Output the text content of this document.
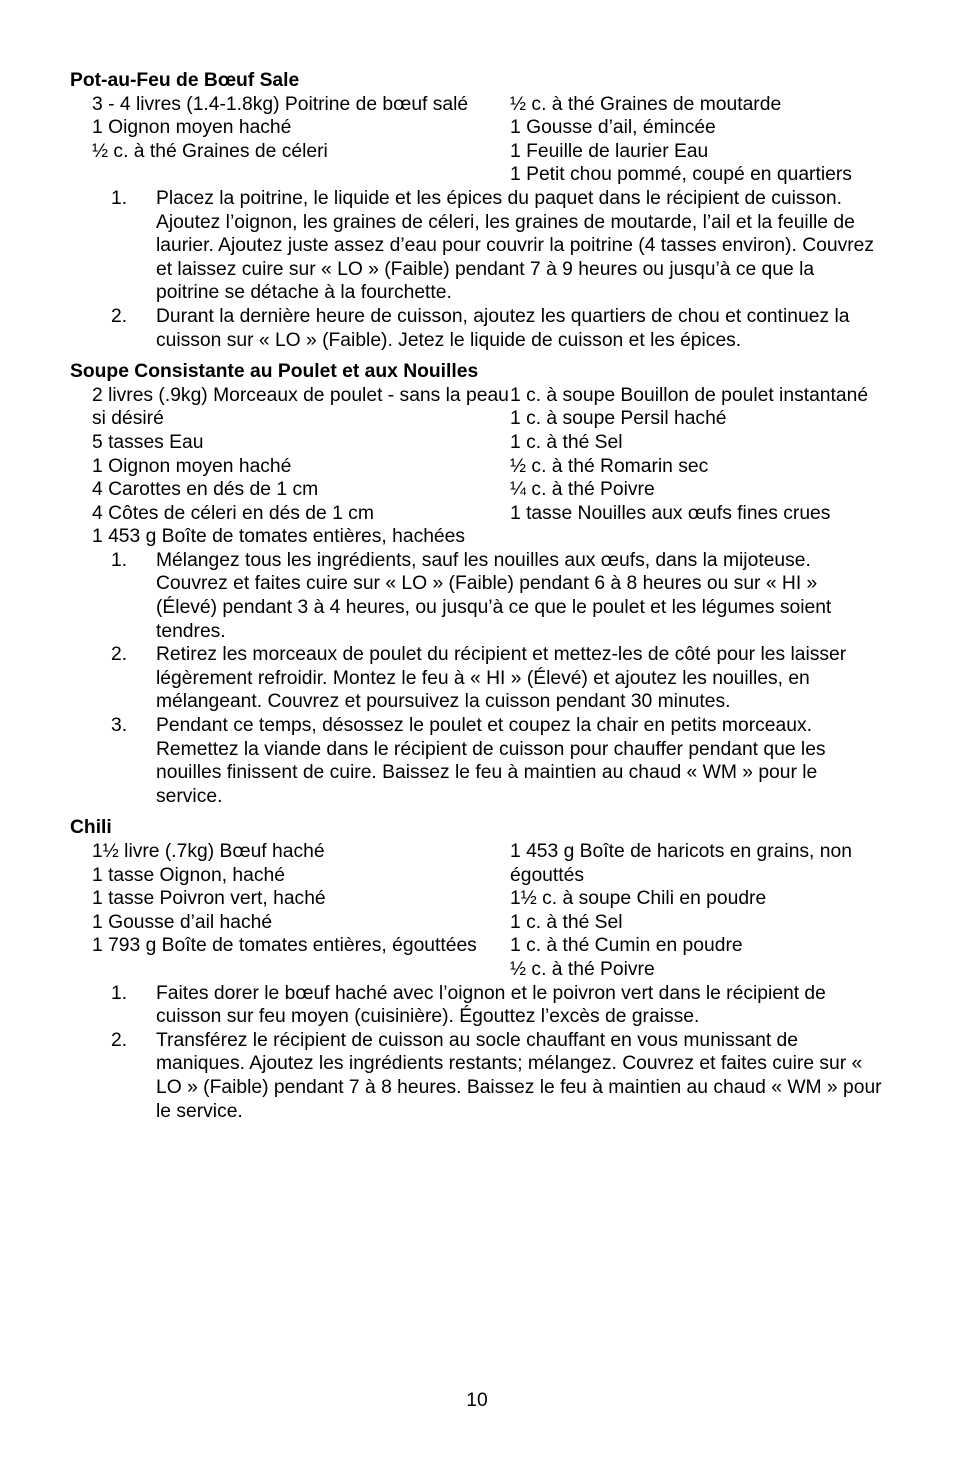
Pot-au-Feu de Bœuf Sale
3 - 4 livres (1.4-1.8kg) Poitrine de bœuf salé
1 Oignon moyen haché
½ c. à thé Graines de céleri
½ c. à thé Graines de moutarde
1 Gousse d’ail, émincée
1 Feuille de laurier Eau
1 Petit chou pommé, coupé en quartiers
1.	Placez la poitrine, le liquide et les épices du paquet dans le récipient de cuisson. Ajoutez l’oignon, les graines de céleri, les graines de moutarde, l’ail et la feuille de laurier. Ajoutez juste assez d’eau pour couvrir la poitrine (4 tasses environ). Couvrez et laissez cuire sur « LO » (Faible) pendant 7 à 9 heures ou jusqu’à ce que la poitrine se détache à la fourchette.
2.	Durant la dernière heure de cuisson, ajoutez les quartiers de chou et continuez la cuisson sur « LO » (Faible). Jetez le liquide de cuisson et les épices.
Soupe Consistante au Poulet et aux Nouilles
2 livres (.9kg) Morceaux de poulet - sans la peau si désiré
5 tasses Eau
1 Oignon moyen haché
4 Carottes en dés de 1 cm
4 Côtes de céleri en dés de 1 cm
1 453 g Boîte de tomates entières, hachées
1 c. à soupe Bouillon de poulet instantané
1 c. à soupe Persil haché
1 c. à thé Sel
½ c. à thé Romarin sec
¼ c. à thé Poivre
1 tasse Nouilles aux œufs fines crues
1.	Mélangez tous les ingrédients, sauf les nouilles aux œufs, dans la mijoteuse. Couvrez et faites cuire sur « LO » (Faible) pendant 6 à 8 heures ou sur « HI » (Élevé) pendant 3 à 4 heures, ou jusqu’à ce que le poulet et les légumes soient tendres.
2.	Retirez les morceaux de poulet du récipient et mettez-les de côté pour les laisser légèrement refroidir. Montez le feu à « HI » (Élevé) et ajoutez les nouilles, en mélangeant. Couvrez et poursuivez la cuisson pendant 30 minutes.
3.	Pendant ce temps, désossez le poulet et coupez la chair en petits morceaux. Remettez la viande dans le récipient de cuisson pour chauffer pendant que les nouilles finissent de cuire. Baissez le feu à maintien au chaud « WM » pour le service.
Chili
1½ livre (.7kg) Bœuf haché
1 tasse Oignon, haché
1 tasse Poivron vert, haché
1 Gousse d’ail haché
1 793 g Boîte de tomates entières, égouttées
1 453 g Boîte de haricots en grains, non égouttés
1½ c. à soupe Chili en poudre
1 c. à thé Sel
1 c. à thé Cumin en poudre
½ c. à thé Poivre
1.	Faites dorer le bœuf haché avec l’oignon et le poivron vert dans le récipient de cuisson sur feu moyen (cuisinière). Égouttez l’excès de graisse.
2.	Transférez le récipient de cuisson au socle chauffant en vous munissant de maniques. Ajoutez les ingrédients restants; mélangez. Couvrez et faites cuire sur « LO » (Faible) pendant 7 à 8 heures. Baissez le feu à maintien au chaud « WM » pour le service.
10
